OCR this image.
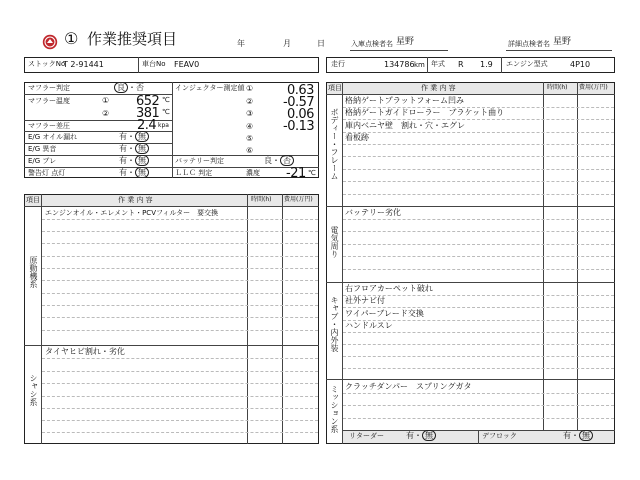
① 作業推奨項目	年	月	日	入庫点検者名 星野	詳細点検者名 星野
ストックNo
T 2-91441	車台No FEAV0	走行	134786 km 年式 R 1.9 エンジン型式	4P10
マフラー判定	良 ・否
マフラー温度	① 652 ℃
② 381 ℃
マフラー差圧	2.4 kpa
E/G オイル漏れ	有・ 無
E/G 異音	有・ 無
E/G ブレ	有・ 無
警告灯 点灯	有・ 無
インジェクター測定値 ①	0.63
② -0.57
③	0.06
④ -0.13
⑤
⑥
バッテリー判定	良・ 否
ＬＬＣ 判定	濃度 -21 ℃
項目	作 業 内 容	時間(h) 費用(万円)
原動機系
エンジンオイル・エレメント・PCVフィルター　要交換
シャシ系
タイヤヒビ割れ・劣化
項目	作 業 内 容	時間(h) 費用(万円)
ボディー・フレーム
格納ゲートプラットフォーム凹み
格納ゲートガイドローラー　ブラケット曲り
庫内ベニヤ壁　割れ・穴・エグレ
看板跡
電気周り
バッテリー劣化
キャブ・内外装
右フロアカーペット破れ
社外ナビ付
ワイパーブレード交換
ハンドルスレ
ミッション系 クラッチダンパー　スプリングガタ
リターダー	有・ 無	デフロック	有・ 無
